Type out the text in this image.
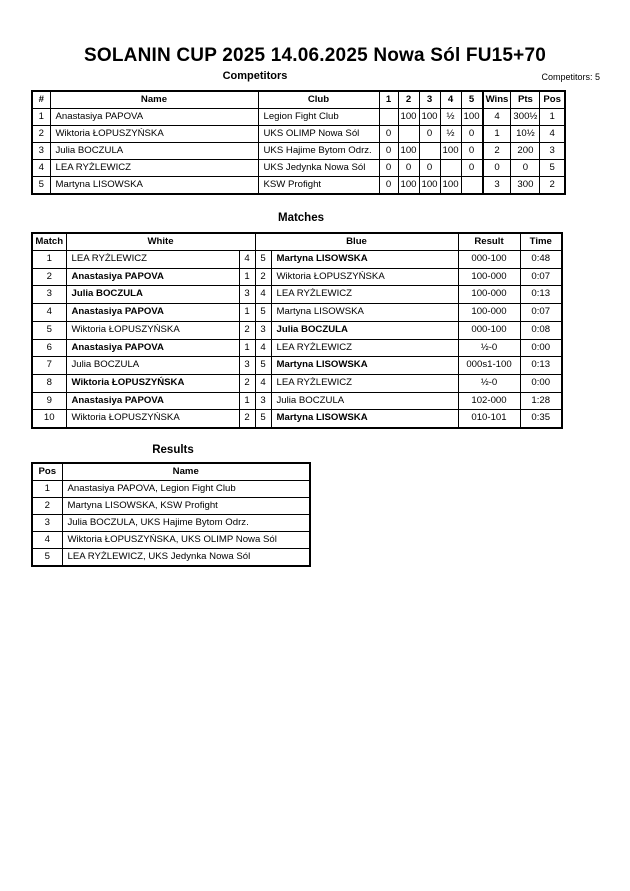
SOLANIN CUP 2025 14.06.2025 Nowa Sól FU15+70
Competitors	Competitors: 5
#	Name	Club	1	2	3	4	5	Wins	Pts	Pos
1	Anastasiya PAPOVA	Legion Fight Club		100	100	½	100	4	300½	1
2	Wiktoria ŁOPUSZYŃSKA	UKS OLIMP Nowa Sól	0		0	½	0	1	10½	4
3	Julia BOCZULA	UKS Hajime Bytom Odrz.	0	100		100	0	2	200	3
4	LEA RYŻLEWICZ	UKS Jedynka Nowa Sól	0	0	0		0	0	0	5
5	Martyna LISOWSKA	KSW Profight	0	100	100	100		3	300	2
Matches
Match	White		Blue		Result	Time
1	LEA RYŻLEWICZ	4	5	Martyna LISOWSKA	000-100	0:48
2	Anastasiya PAPOVA	1	2	Wiktoria ŁOPUSZYŃSKA	100-000	0:07
3	Julia BOCZULA	3	4	LEA RYŻLEWICZ	100-000	0:13
4	Anastasiya PAPOVA	1	5	Martyna LISOWSKA	100-000	0:07
5	Wiktoria ŁOPUSZYŃSKA	2	3	Julia BOCZULA	000-100	0:08
6	Anastasiya PAPOVA	1	4	LEA RYŻLEWICZ	½-0	0:00
7	Julia BOCZULA	3	5	Martyna LISOWSKA	000s1-100	0:13
8	Wiktoria ŁOPUSZYŃSKA	2	4	LEA RYŻLEWICZ	½-0	0:00
9	Anastasiya PAPOVA	1	3	Julia BOCZULA	102-000	1:28
10	Wiktoria ŁOPUSZYŃSKA	2	5	Martyna LISOWSKA	010-101	0:35
Results
Pos	Name
1	Anastasiya PAPOVA, Legion Fight Club
2	Martyna LISOWSKA, KSW Profight
3	Julia BOCZULA, UKS Hajime Bytom Odrz.
4	Wiktoria ŁOPUSZYŃSKA, UKS OLIMP Nowa Sól
5	LEA RYŻLEWICZ, UKS Jedynka Nowa Sól
